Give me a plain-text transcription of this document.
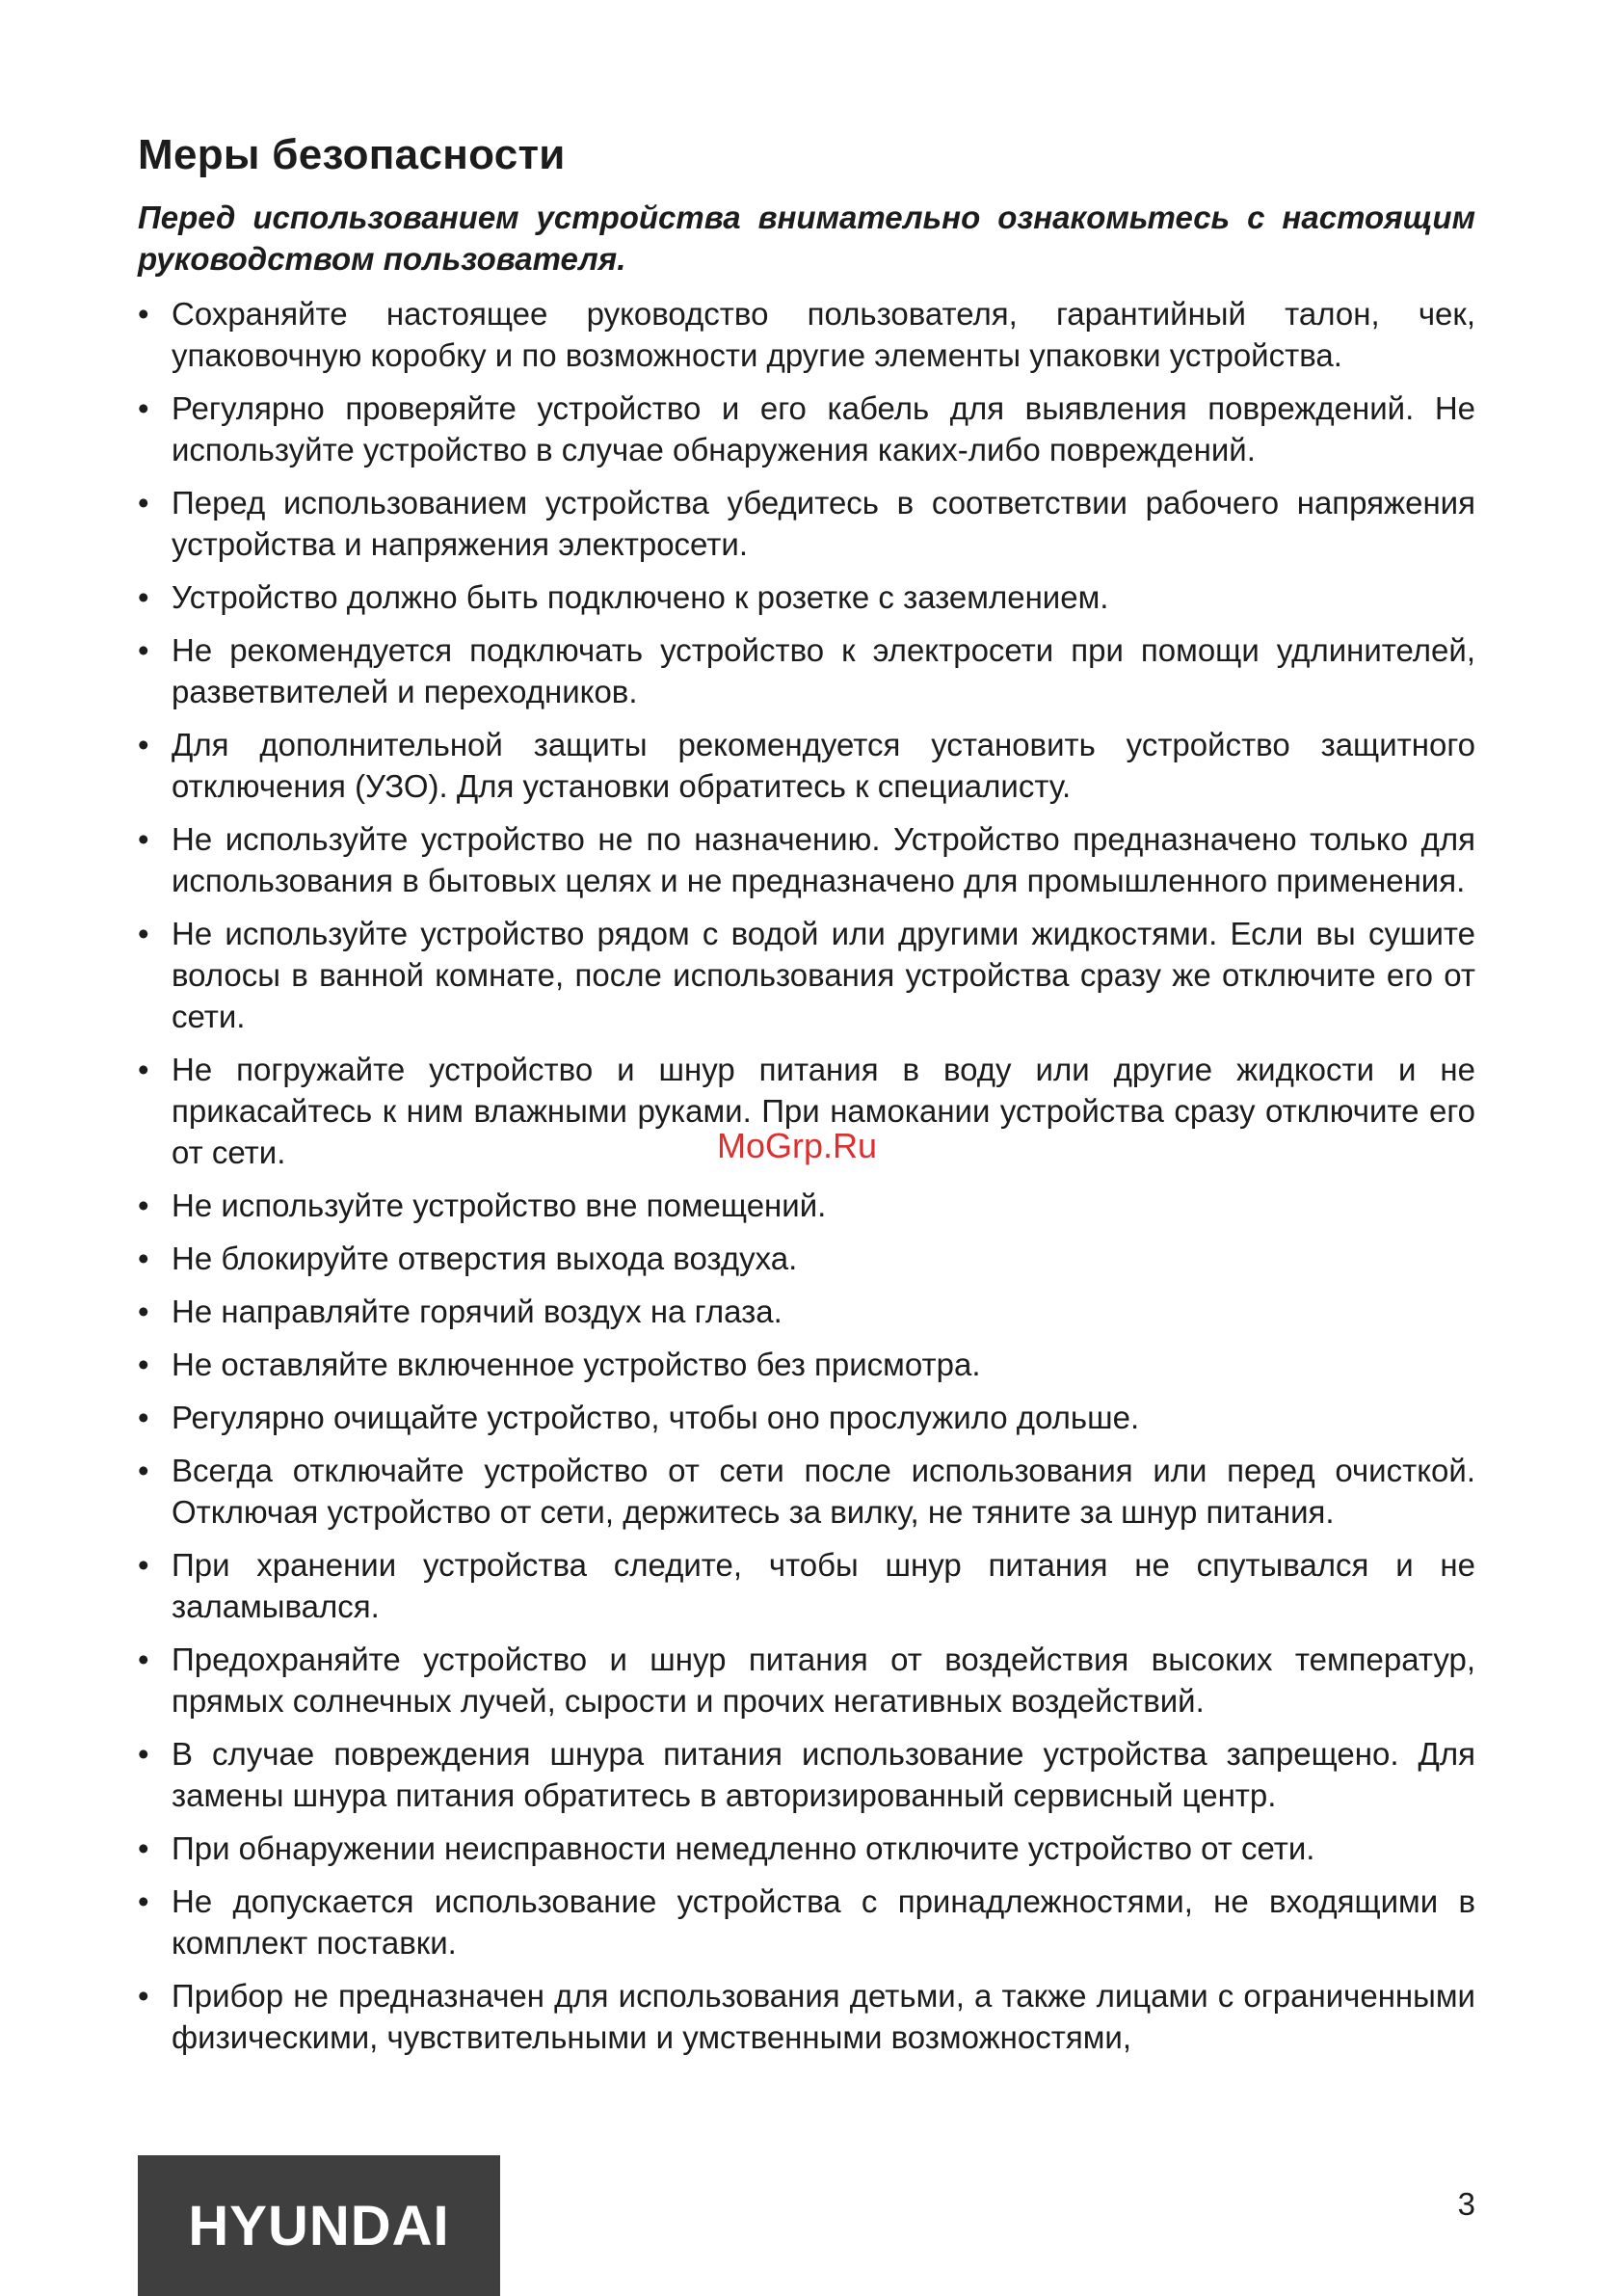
Меры безопасности

Перед использованием устройства внимательно ознакомьтесь с настоящим руководством пользователя.

• Сохраняйте настоящее руководство пользователя, гарантийный талон, чек, упаковочную коробку и по возможности другие элементы упаковки устройства.
• Регулярно проверяйте устройство и его кабель для выявления повреждений. Не используйте устройство в случае обнаружения каких-либо повреждений.
• Перед использованием устройства убедитесь в соответствии рабочего напряжения устройства и напряжения электросети.
• Устройство должно быть подключено к розетке с заземлением.
• Не рекомендуется подключать устройство к электросети при помощи удлинителей, разветвителей и переходников.
• Для дополнительной защиты рекомендуется установить устройство защитного отключения (УЗО). Для установки обратитесь к специалисту.
• Не используйте устройство не по назначению. Устройство предназначено только для использования в бытовых целях и не предназначено для промышленного применения.
• Не используйте устройство рядом с водой или другими жидкостями. Если вы сушите волосы в ванной комнате, после использования устройства сразу же отключите его от сети.
• Не погружайте устройство и шнур питания в воду или другие жидкости и не прикасайтесь к ним влажными руками. При намокании устройства сразу отключите его от сети.
• Не используйте устройство вне помещений.
• Не блокируйте отверстия выхода воздуха.
• Не направляйте горячий воздух на глаза.
• Не оставляйте включенное устройство без присмотра.
• Регулярно очищайте устройство, чтобы оно прослужило дольше.
• Всегда отключайте устройство от сети после использования или перед очисткой. Отключая устройство от сети, держитесь за вилку, не тяните за шнур питания.
• При хранении устройства следите, чтобы шнур питания не спутывался и не заламывался.
• Предохраняйте устройство и шнур питания от воздействия высоких температур, прямых солнечных лучей, сырости и прочих негативных воздействий.
• В случае повреждения шнура питания использование устройства запрещено. Для замены шнура питания обратитесь в авторизированный сервисный центр.
• При обнаружении неисправности немедленно отключите устройство от сети.
• Не допускается использование устройства с принадлежностями, не входящими в комплект поставки.
• Прибор не предназначен для использования детьми, а также лицами с ограниченными физическими, чувствительными и умственными возможностями,
MoGrp.Ru
HYUNDAI	3
